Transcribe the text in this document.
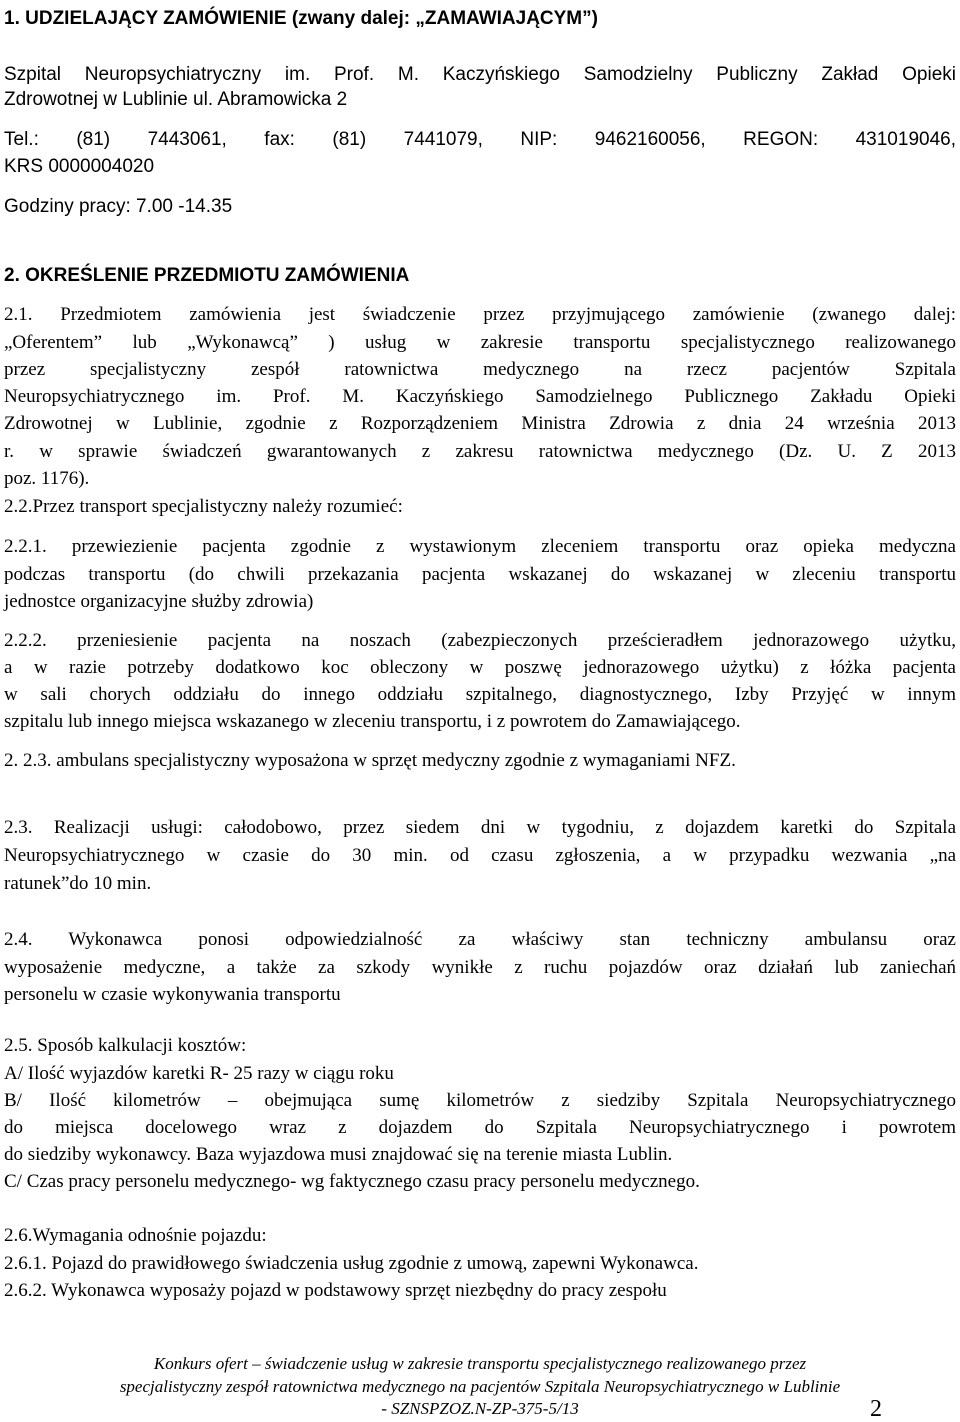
1. UDZIELAJĄCY ZAMÓWIENIE (zwany dalej: „ZAMAWIAJĄCYM”)
Szpital Neuropsychiatryczny im. Prof. M. Kaczyńskiego Samodzielny Publiczny Zakład Opieki
Zdrowotnej w Lublinie ul. Abramowicka 2
Tel.: (81) 7443061, fax: (81) 7441079, NIP: 9462160056, REGON: 431019046,
KRS 0000004020
Godziny pracy: 7.00 -14.35
2. OKREŚLENIE PRZEDMIOTU ZAMÓWIENIA
2.1. Przedmiotem zamówienia jest świadczenie przez przyjmującego zamówienie (zwanego dalej:
„Oferentem” lub „Wykonawcą” ) usług w zakresie transportu specjalistycznego realizowanego
przez specjalistyczny zespół ratownictwa medycznego na rzecz pacjentów Szpitala
Neuropsychiatrycznego im. Prof. M. Kaczyńskiego Samodzielnego Publicznego Zakładu Opieki
Zdrowotnej w Lublinie, zgodnie z Rozporządzeniem Ministra Zdrowia z dnia 24 września 2013
r. w sprawie świadczeń gwarantowanych z zakresu ratownictwa medycznego (Dz. U. Z 2013
poz. 1176).
2.2.Przez transport specjalistyczny należy rozumieć:
2.2.1. przewiezienie pacjenta zgodnie z wystawionym zleceniem transportu oraz opieka medyczna
podczas transportu (do chwili przekazania pacjenta wskazanej do wskazanej w zleceniu transportu
jednostce organizacyjne służby zdrowia)
2.2.2. przeniesienie pacjenta na noszach (zabezpieczonych prześcieradłem jednorazowego użytku,
a w razie potrzeby dodatkowo koc obleczony w poszwę jednorazowego użytku) z łóżka pacjenta
w sali chorych oddziału do innego oddziału szpitalnego, diagnostycznego, Izby Przyjęć w innym
szpitalu lub innego miejsca wskazanego w zleceniu transportu, i z powrotem do Zamawiającego.
2. 2.3. ambulans specjalistyczny wyposażona w sprzęt medyczny zgodnie z wymaganiami NFZ.
2.3. Realizacji usługi: całodobowo, przez siedem dni w tygodniu, z dojazdem karetki do Szpitala
Neuropsychiatrycznego w czasie do 30 min. od czasu zgłoszenia, a w przypadku wezwania „na
ratunek”do 10 min.
2.4. Wykonawca ponosi odpowiedzialność za właściwy stan techniczny ambulansu oraz
wyposażenie medyczne, a także za szkody wynikłe z ruchu pojazdów oraz działań lub zaniechań
personelu w czasie wykonywania transportu
2.5. Sposób kalkulacji kosztów:
A/ Ilość wyjazdów karetki R- 25 razy w ciągu roku
B/ Ilość kilometrów – obejmująca sumę kilometrów z siedziby Szpitala Neuropsychiatrycznego
do miejsca docelowego wraz z dojazdem do Szpitala Neuropsychiatrycznego i powrotem
do siedziby wykonawcy. Baza wyjazdowa musi znajdować się na terenie miasta Lublin.
C/ Czas pracy personelu medycznego- wg faktycznego czasu pracy personelu medycznego.
2.6.Wymagania odnośnie pojazdu:
2.6.1. Pojazd do prawidłowego świadczenia usług zgodnie z umową, zapewni Wykonawca.
2.6.2. Wykonawca wyposaży pojazd w podstawowy sprzęt niezbędny do pracy zespołu
Konkurs ofert – świadczenie usług w zakresie transportu specjalistycznego realizowanego przez
specjalistyczny zespół ratownictwa medycznego na pacjentów Szpitala Neuropsychiatrycznego w Lublinie
- SZNSPZOZ.N-ZP-375-5/13	2
